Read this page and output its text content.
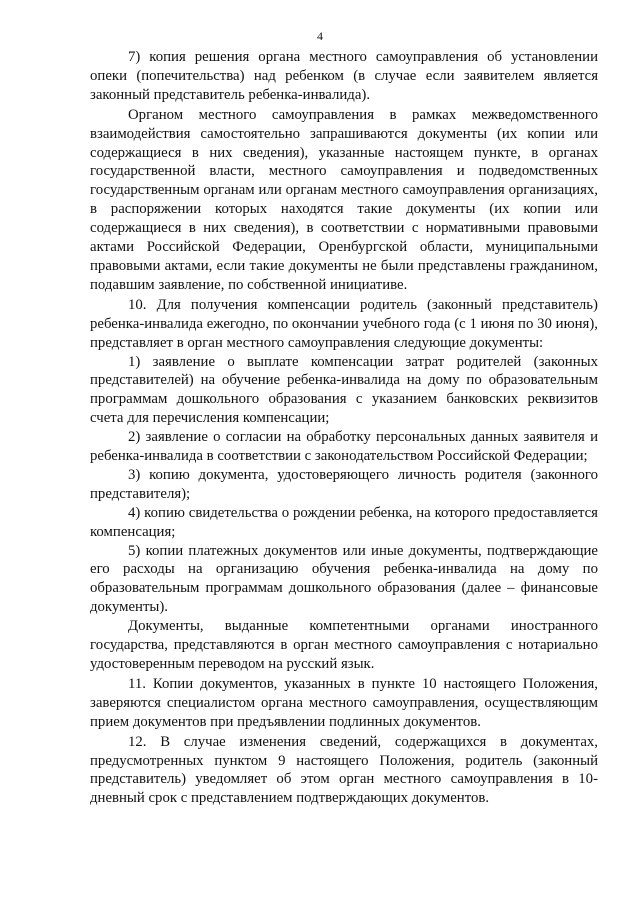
4

7) копия решения органа местного самоуправления об установлении опеки (попечительства) над ребенком (в случае если заявителем является законный представитель ребенка-инвалида).

Органом местного самоуправления в рамках межведомственного взаимодействия самостоятельно запрашиваются документы (их копии или содержащиеся в них сведения), указанные настоящем пункте, в органах государственной власти, местного самоуправления и подведомственных государственным органам или органам местного самоуправления организациях, в распоряжении которых находятся такие документы (их копии или содержащиеся в них сведения), в соответствии с нормативными правовыми актами Российской Федерации, Оренбургской области, муниципальными правовыми актами, если такие документы не были представлены гражданином, подавшим заявление, по собственной инициативе.

10. Для получения компенсации родитель (законный представитель) ребенка-инвалида ежегодно, по окончании учебного года (с 1 июня по 30 июня), представляет в орган местного самоуправления следующие документы:

1) заявление о выплате компенсации затрат родителей (законных представителей) на обучение ребенка-инвалида на дому по образовательным программам дошкольного образования с указанием банковских реквизитов счета для перечисления компенсации;

2) заявление о согласии на обработку персональных данных заявителя и ребенка-инвалида в соответствии с законодательством Российской Федерации;

3) копию документа, удостоверяющего личность родителя (законного представителя);

4) копию свидетельства о рождении ребенка, на которого предоставляется компенсация;

5) копии платежных документов или иные документы, подтверждающие его расходы на организацию обучения ребенка-инвалида на дому по образовательным программам дошкольного образования (далее – финансовые документы).

Документы, выданные компетентными органами иностранного государства, представляются в орган местного самоуправления с нотариально удостоверенным переводом на русский язык.

11. Копии документов, указанных в пункте 10 настоящего Положения, заверяются специалистом органа местного самоуправления, осуществляющим прием документов при предъявлении подлинных документов.

12. В случае изменения сведений, содержащихся в документах, предусмотренных пунктом 9 настоящего Положения, родитель (законный представитель) уведомляет об этом орган местного самоуправления в 10-дневный срок с представлением подтверждающих документов.
